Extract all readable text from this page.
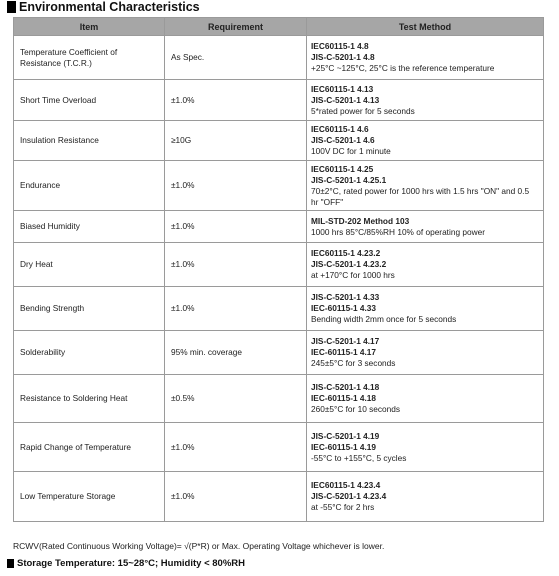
Environmental Characteristics
Item	Requirement	Test Method
Temperature Coefficient of Resistance (T.C.R.)	As Spec.	IEC60115-1 4.8
JIS-C-5201-1 4.8
+25°C ~125°C, 25°C is the reference temperature

Short Time Overload	±1.0%	IEC60115-1 4.13
JIS-C-5201-1 4.13
5*rated power for 5 seconds

Insulation Resistance	≥10G	IEC60115-1 4.6
JIS-C-5201-1 4.6
100V DC for 1 minute

Endurance	±1.0%	IEC60115-1 4.25
JIS-C-5201-1 4.25.1
70±2°C, rated power for 1000 hrs with 1.5 hrs "ON" and 0.5 hr "OFF"

Biased Humidity	±1.0%	MIL-STD-202 Method 103
1000 hrs 85°C/85%RH 10% of operating power

Dry Heat	±1.0%	IEC60115-1 4.23.2
JIS-C-5201-1 4.23.2
at +170°C for 1000 hrs

Bending Strength	±1.0%	JIS-C-5201-1 4.33
IEC-60115-1 4.33
Bending width 2mm once for 5 seconds

Solderability	95% min. coverage	JIS-C-5201-1 4.17
IEC-60115-1 4.17
245±5°C for 3 seconds

Resistance to Soldering Heat	±0.5%	JIS-C-5201-1 4.18
IEC-60115-1 4.18
260±5°C for 10 seconds

Rapid Change of Temperature	±1.0%	JIS-C-5201-1 4.19
IEC-60115-1 4.19
-55°C to +155°C, 5 cycles

Low Temperature Storage	±1.0%	IEC60115-1 4.23.4
JIS-C-5201-1 4.23.4
at -55°C for 2 hrs
RCWV(Rated Continuous Working Voltage)= √(P*R) or Max. Operating Voltage whichever is lower.
Storage Temperature: 15~28°C; Humidity < 80%RH
